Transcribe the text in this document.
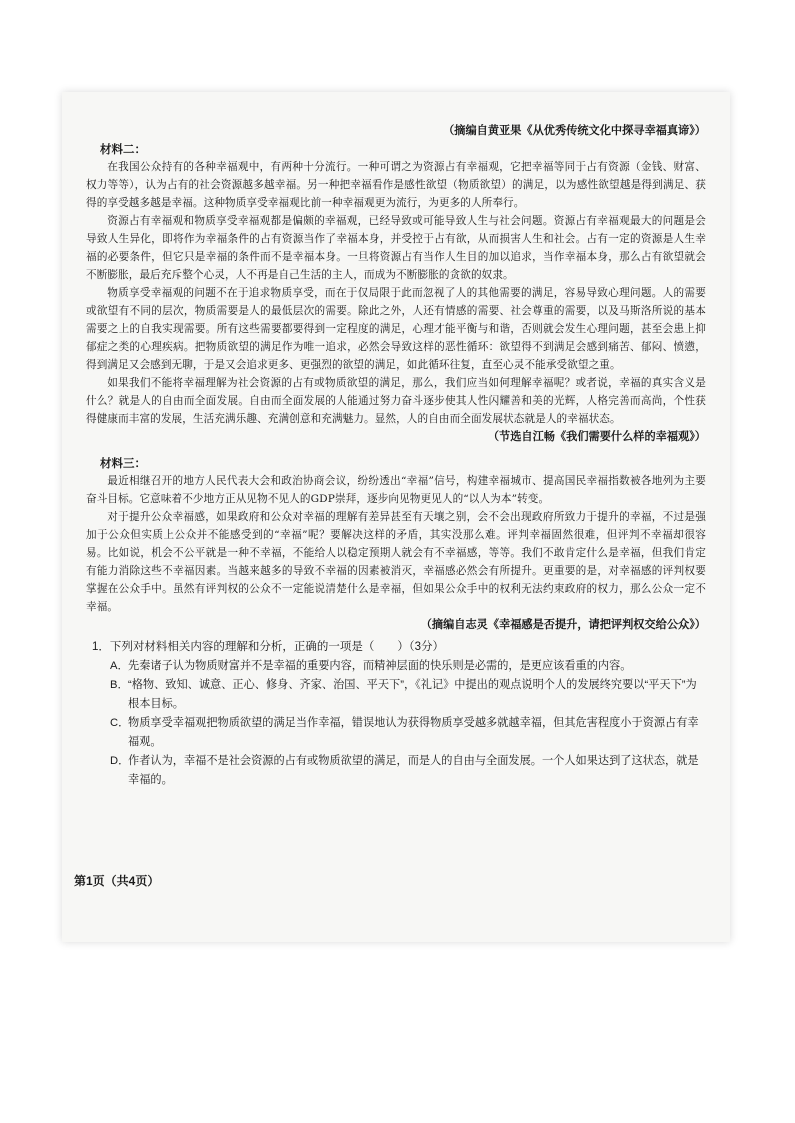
（摘编自黄亚果《从优秀传统文化中探寻幸福真谛》）

材料二：

在我国公众持有的各种幸福观中，有两种十分流行。一种可谓之为资源占有幸福观，它把幸福等同于占有资源（金钱、财富、权力等等），认为占有的社会资源越多越幸福。另一种把幸福看作是感性欲望（物质欲望）的满足，以为感性欲望越是得到满足、获得的享受越多越是幸福。这种物质享受幸福观比前一种幸福观更为流行，为更多的人所奉行。

资源占有幸福观和物质享受幸福观都是偏颇的幸福观，已经导致或可能导致人生与社会问题。资源占有幸福观最大的问题是会导致人生异化，即将作为幸福条件的占有资源当作了幸福本身，并受控于占有欲，从而损害人生和社会。占有一定的资源是人生幸福的必要条件，但它只是幸福的条件而不是幸福本身。一旦将资源占有当作人生目的加以追求，当作幸福本身，那么占有欲望就会不断膨胀，最后充斥整个心灵，人不再是自己生活的主人，而成为不断膨胀的贪欲的奴隶。

物质享受幸福观的问题不在于追求物质享受，而在于仅局限于此而忽视了人的其他需要的满足，容易导致心理问题。人的需要或欲望有不同的层次，物质需要是人的最低层次的需要。除此之外，人还有情感的需要、社会尊重的需要，以及马斯洛所说的基本需要之上的自我实现需要。所有这些需要都要得到一定程度的满足，心理才能平衡与和谐，否则就会发生心理问题，甚至会患上抑郁症之类的心理疾病。把物质欲望的满足作为唯一追求，必然会导致这样的恶性循环：欲望得不到满足会感到痛苦、郁闷、愤懑，得到满足又会感到无聊，于是又会追求更多、更强烈的欲望的满足，如此循环往复，直至心灵不能承受欲望之重。

如果我们不能将幸福理解为社会资源的占有或物质欲望的满足，那么，我们应当如何理解幸福呢？或者说，幸福的真实含义是什么？就是人的自由而全面发展。自由而全面发展的人能通过努力奋斗逐步使其人性闪耀善和美的光辉，人格完善而高尚，个性获得健康而丰富的发展，生活充满乐趣、充满创意和充满魅力。显然，人的自由而全面发展状态就是人的幸福状态。

（节选自江畅《我们需要什么样的幸福观》）

材料三：

最近相继召开的地方人民代表大会和政治协商会议，纷纷透出“幸福”信号，构建幸福城市、提高国民幸福指数被各地列为主要奋斗目标。它意味着不少地方正从见物不见人的GDP崇拜，逐步向见物更见人的“以人为本”转变。

对于提升公众幸福感，如果政府和公众对幸福的理解有差异甚至有天壤之别，会不会出现政府所致力于提升的幸福，不过是强加于公众但实质上公众并不能感受到的“幸福”呢？要解决这样的矛盾，其实没那么难。评判幸福固然很难，但评判不幸福却很容易。比如说，机会不公平就是一种不幸福，不能给人以稳定预期人就会有不幸福感，等等。我们不敢肯定什么是幸福，但我们肯定有能力消除这些不幸福因素。当越来越多的导致不幸福的因素被消灭，幸福感必然会有所提升。更重要的是，对幸福感的评判权要掌握在公众手中。虽然有评判权的公众不一定能说清楚什么是幸福，但如果公众手中的权利无法约束政府的权力，那么公众一定不幸福。

（摘编自志灵《幸福感是否提升，请把评判权交给公众》）

1．下列对材料相关内容的理解和分析，正确的一项是（　　）（3分）

A．先秦诸子认为物质财富并不是幸福的重要内容，而精神层面的快乐则是必需的，是更应该看重的内容。

B．“格物、致知、诚意、正心、修身、齐家、治国、平天下”，《礼记》中提出的观点说明个人的发展终究要以“平天下”为根本目标。

C．物质享受幸福观把物质欲望的满足当作幸福，错误地认为获得物质享受越多就越幸福，但其危害程度小于资源占有幸福观。

D．作者认为，幸福不是社会资源的占有或物质欲望的满足，而是人的自由与全面发展。一个人如果达到了这状态，就是幸福的。

第1页（共4页）
